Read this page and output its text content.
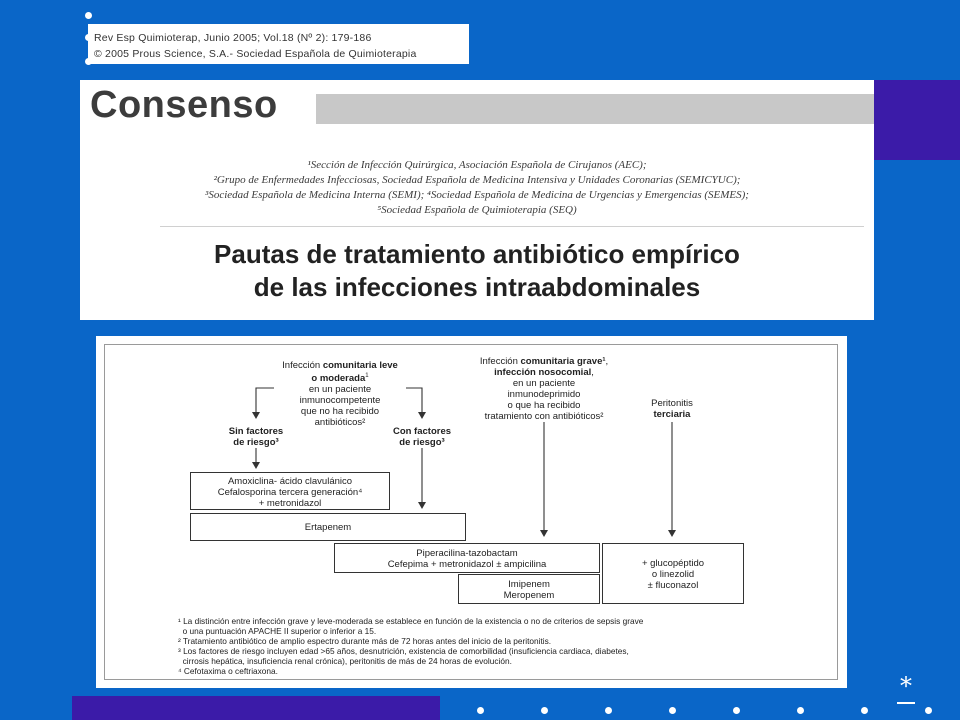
Rev Esp Quimioterap, Junio 2005; Vol.18 (Nº 2): 179-186
© 2005 Prous Science, S.A.- Sociedad Española de Quimioterapia
Consenso
¹Sección de Infección Quirúrgica, Asociación Española de Cirujanos (AEC);
²Grupo de Enfermedades Infecciosas, Sociedad Española de Medicina Intensiva y Unidades Coronarias (SEMICYUC);
³Sociedad Española de Medicina Interna (SEMI); ⁴Sociedad Española de Medicina de Urgencias y Emergencias (SEMES);
⁵Sociedad Española de Quimioterapia (SEQ)
Pautas de tratamiento antibiótico empírico
de las infecciones intraabdominales
Infección comunitaria leve
o moderada$^1$
en un paciente
inmunocompetente
que no ha recibido
antibióticos²
Infección comunitaria grave¹,
infección nosocomial,
en un paciente
inmunodeprimido
o que ha recibido
tratamiento con antibióticos²
Peritonitis
terciaria
Sin factores
de riesgo³
Con factores
de riesgo³
Amoxiclina- ácido clavulánico
Cefalosporina tercera generación⁴
+ metronidazol
Ertapenem
Piperacilina-tazobactam
Cefepima + metronidazol ± ampicilina
Imipenem
Meropenem
+ glucopéptido
o linezolid
± fluconazol
¹ La distinción entre infección grave y leve-moderada se establece en función de la existencia o no de criterios de sepsis grave
o una puntuación APACHE II superior o inferior a 15.
² Tratamiento antibiótico de amplio espectro durante más de 72 horas antes del inicio de la peritonitis.
³ Los factores de riesgo incluyen edad >65 años, desnutrición, existencia de comorbilidad (insuficiencia cardiaca, diabetes,
cirrosis hepática, insuficiencia renal crónica), peritonitis de más de 24 horas de evolución.
⁴ Cefotaxima o ceftriaxona.
*
